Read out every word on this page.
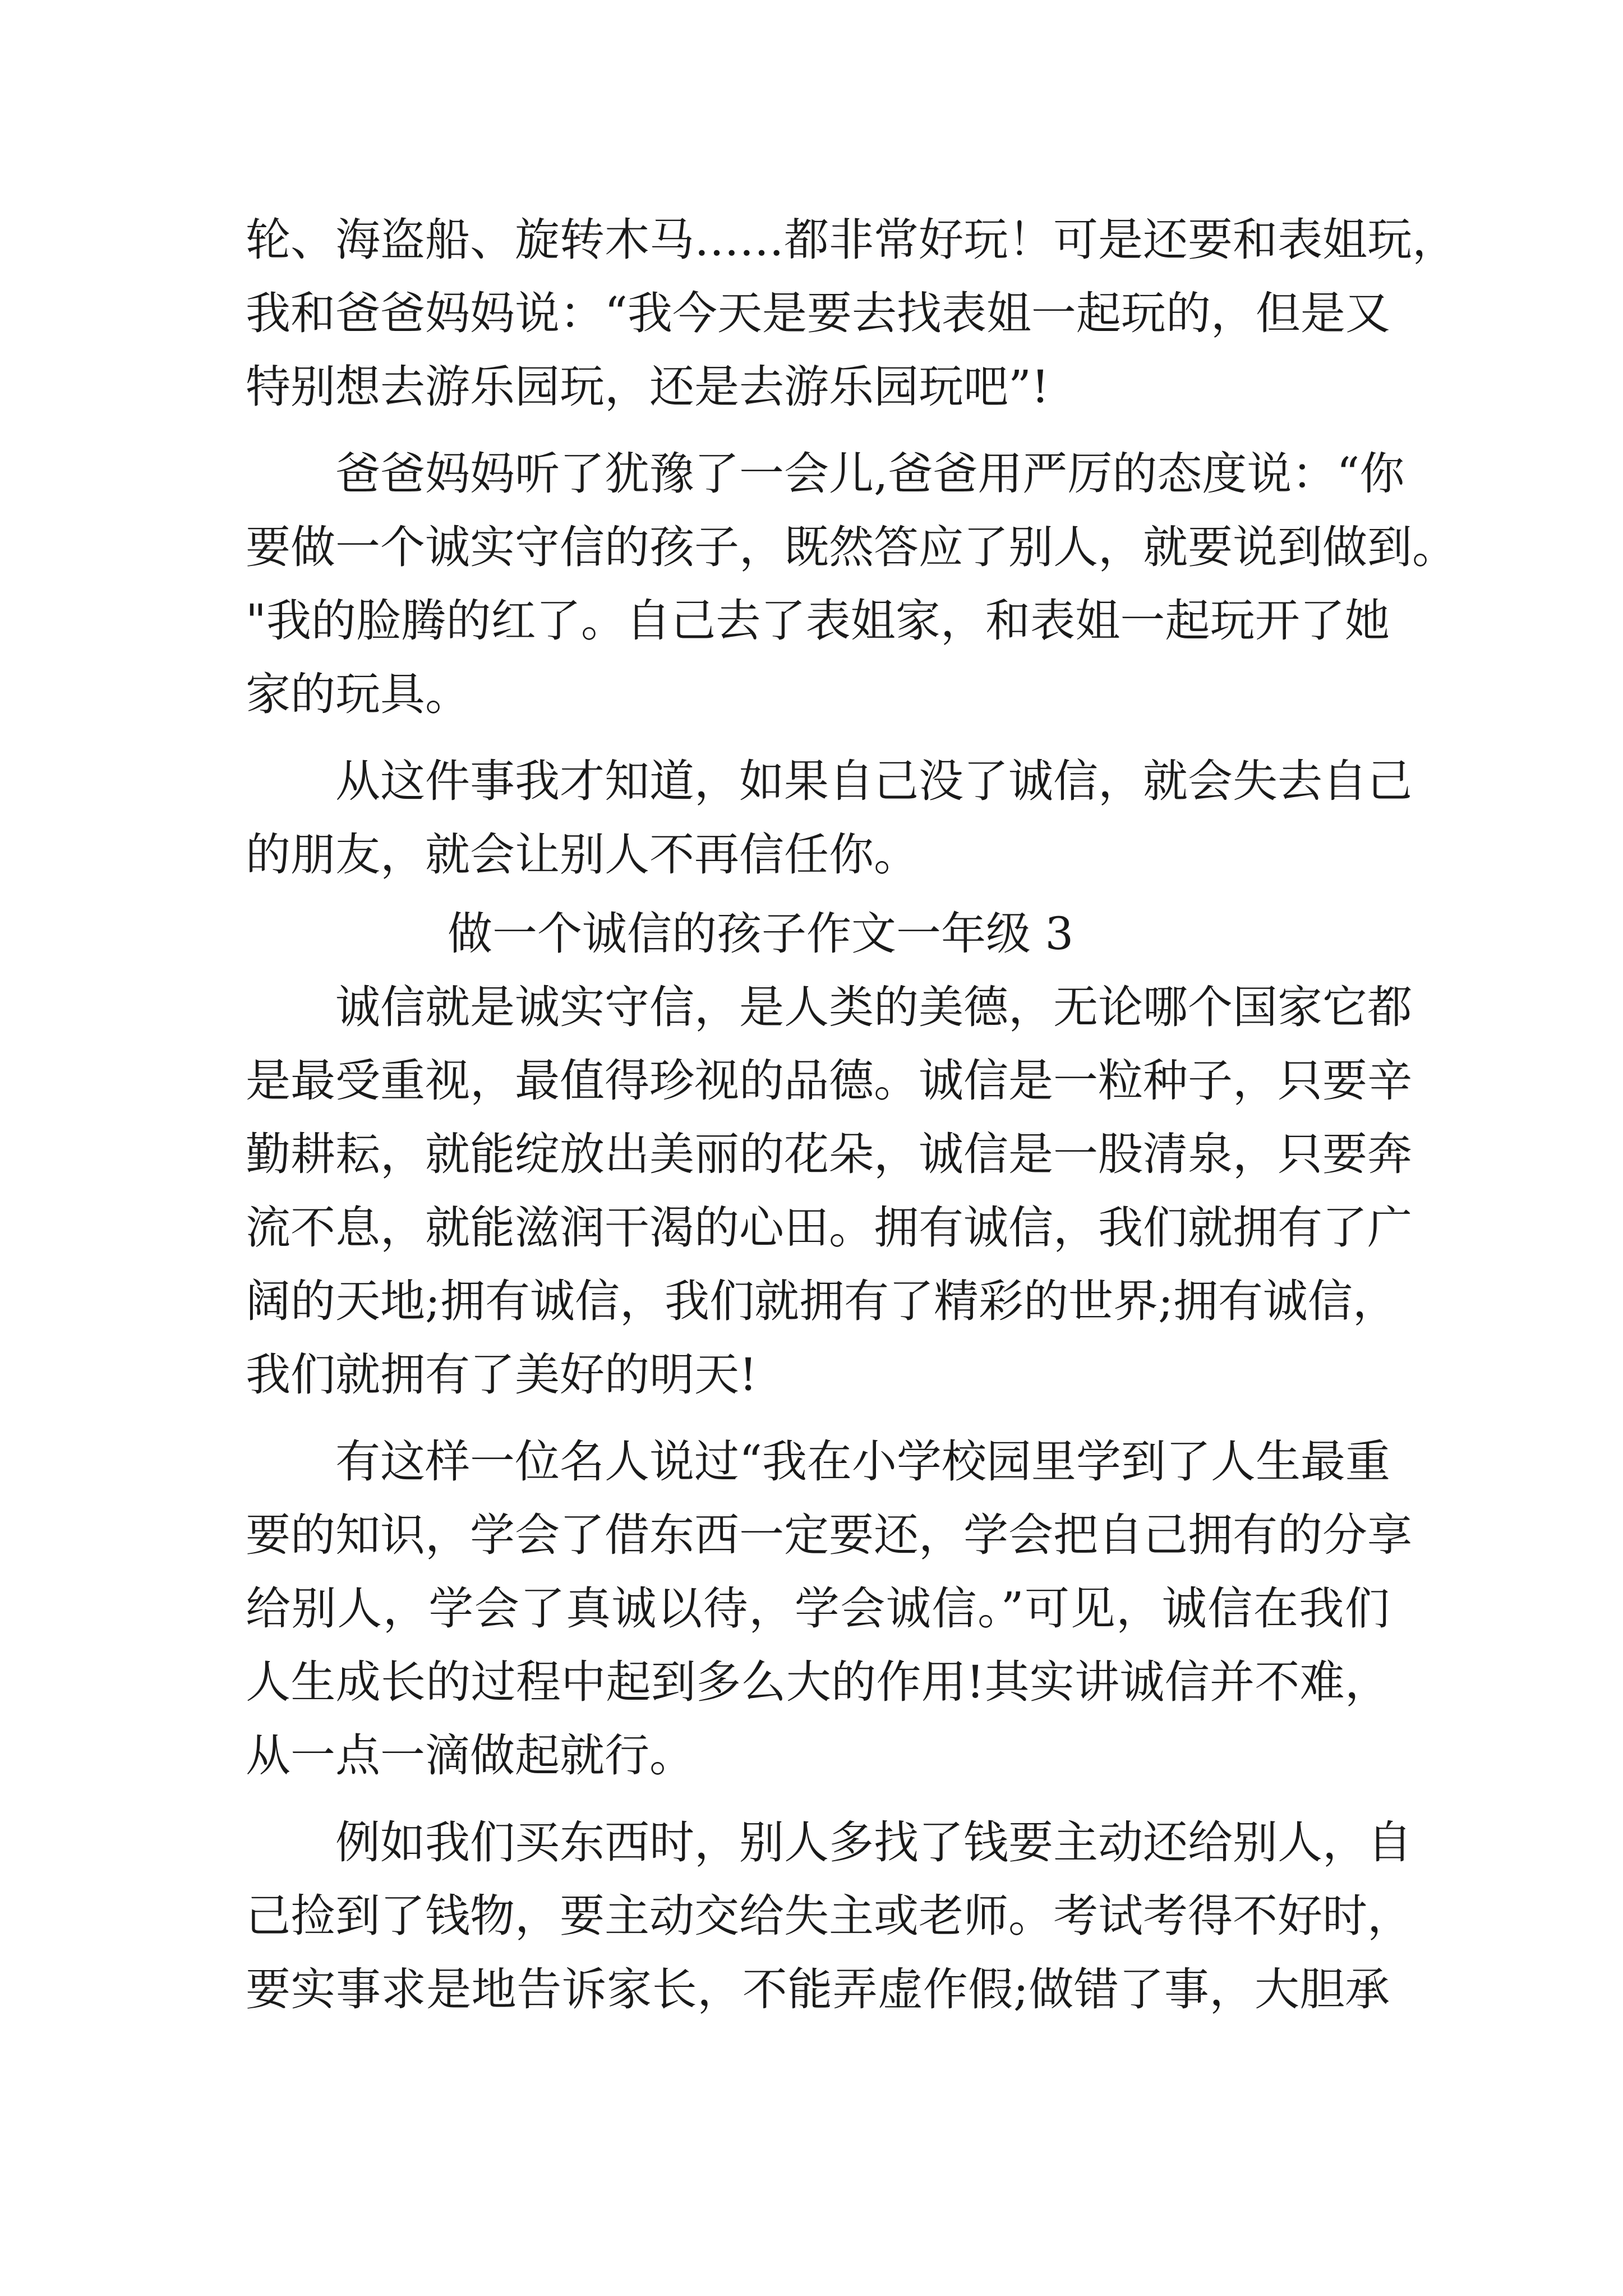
轮、海盗船、旋转木马……都非常好玩！可是还要和表姐玩，
我和爸爸妈妈说：“我今天是要去找表姐一起玩的，但是又
特别想去游乐园玩，还是去游乐园玩吧”!
爸爸妈妈听了犹豫了一会儿,爸爸用严厉的态度说：“你
要做一个诚实守信的孩子，既然答应了别人，就要说到做到。
"我的脸腾的红了。自己去了表姐家，和表姐一起玩开了她
家的玩具。
从这件事我才知道，如果自己没了诚信，就会失去自己
的朋友，就会让别人不再信任你。
做一个诚信的孩子作文一年级 3
诚信就是诚实守信，是人类的美德，无论哪个国家它都
是最受重视，最值得珍视的品德。诚信是一粒种子，只要辛
勤耕耘，就能绽放出美丽的花朵，诚信是一股清泉，只要奔
流不息，就能滋润干渴的心田。拥有诚信，我们就拥有了广
阔的天地;拥有诚信，我们就拥有了精彩的世界;拥有诚信，
我们就拥有了美好的明天!
有这样一位名人说过“我在小学校园里学到了人生最重
要的知识，学会了借东西一定要还，学会把自己拥有的分享
给别人，学会了真诚以待，学会诚信。”可见，诚信在我们
人生成长的过程中起到多么大的作用!其实讲诚信并不难，
从一点一滴做起就行。
例如我们买东西时，别人多找了钱要主动还给别人，自
己捡到了钱物，要主动交给失主或老师。考试考得不好时，
要实事求是地告诉家长，不能弄虚作假;做错了事，大胆承
